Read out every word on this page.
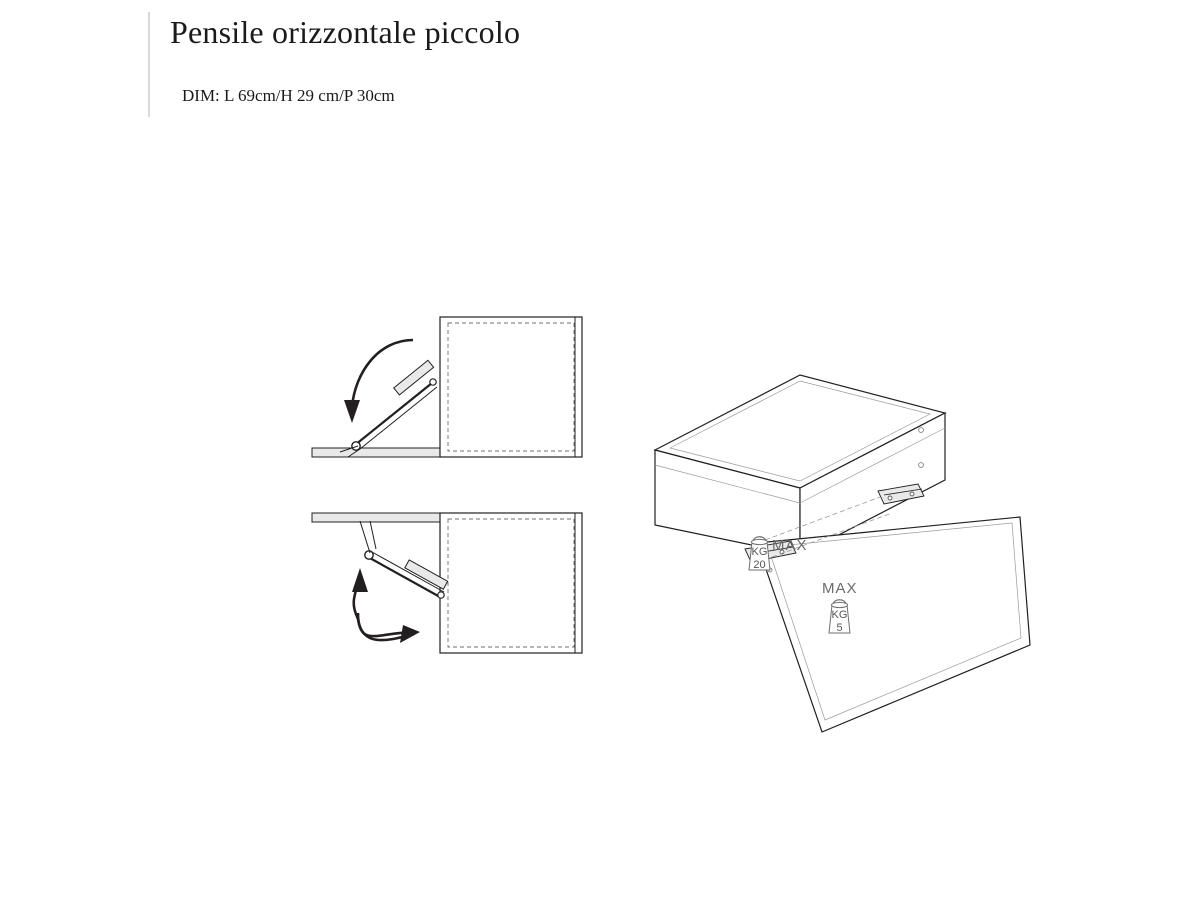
Pensile orizzontale piccolo
DIM: L 69cm/H 29 cm/P 30cm
KG
20
MAX
KG
5
MAX
